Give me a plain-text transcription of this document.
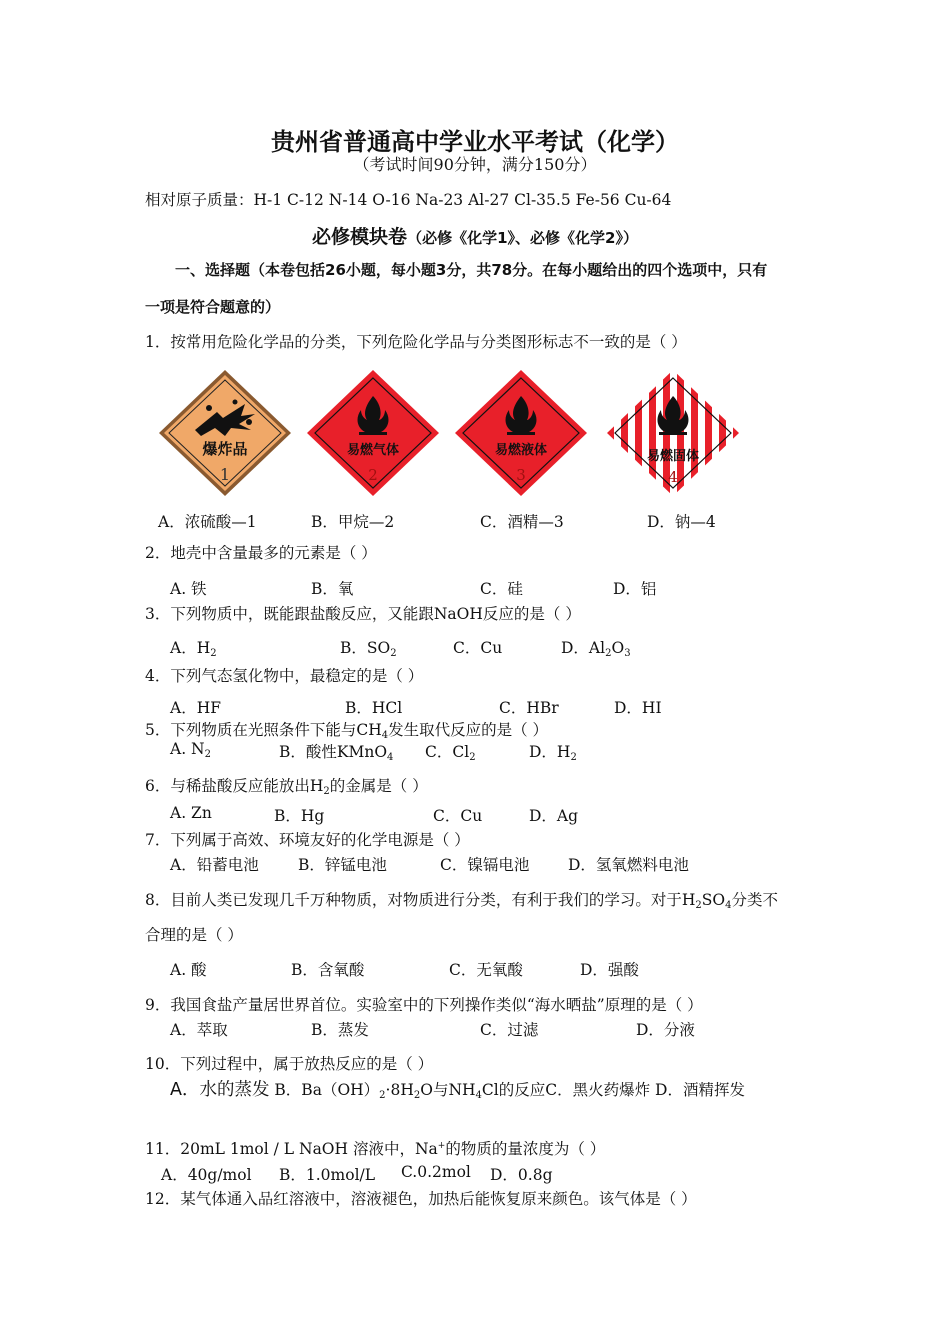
贵州省普通高中学业水平考试（化学）
（考试时间90分钟，满分150分）
相对原子质量：H-1 C-12 N-14 O-16 Na-23 Al-27 Cl-35.5 Fe-56 Cu-64
必修模块卷（必修《化学1》、必修《化学2》）
一、选择题（本卷包括26小题，每小题3分，共78分。在每小题给出的四个选项中，只有
一项是符合题意的）
1．按常用危险化学品的分类，下列危险化学品与分类图形标志不一致的是（ ）
爆炸品
1
易燃气体
2
易燃液体
3
易燃固体
4
A．浓硫酸—1	B．甲烷—2	C．酒精—3	D．钠—4
2．地壳中含量最多的元素是（ ）
A. 铁	B．氧	C．硅	D．铝
3．下列物质中，既能跟盐酸反应，又能跟NaOH反应的是（ ）
A．$H_2$	B．$SO_2$	C．Cu	D．$Al_2O_3$
4．下列气态氢化物中，最稳定的是（ ）
A．HF	B．HCl	C．HBr	D．HI
5．下列物质在光照条件下能与$CH_4$发生取代反应的是（ ）
A. $N_2$	B．酸性KMnO$_4$ C．$Cl_2$	D．$H_2$
6．与稀盐酸反应能放出$H_2$的金属是（ ）
A. Zn	B．Hg	C．Cu	D．Ag
7．下列属于高效、环境友好的化学电源是（ ）
A．铅蓄电池	B．锌锰电池	C．镍镉电池 D．氢氧燃料电池
8．目前人类已发现几千万种物质，对物质进行分类，有利于我们的学习。对于$H_2SO_4$分类不
合理的是（ ）
A. 酸	B．含氧酸	C．无氧酸	D．强酸
9．我国食盐产量居世界首位。实验室中的下列操作类似“海水晒盐”原理的是（ ）
A．萃取	B．蒸发	C．过滤	D．分液
10．下列过程中，属于放热反应的是（ ）
A．水的蒸发 B．$Ba(OH)_2\cdot 8H_2O$与$NH_4Cl$的反应C．黑火药爆炸 D．酒精挥发
11．20mL 1mol / L NaOH 溶液中，Na+的物质的量浓度为（ ）
A．40g/mol B．1.0mol/L C.0.2mol D．0.8g
12．某气体通入品红溶液中，溶液褪色，加热后能恢复原来颜色。该气体是（ ）
